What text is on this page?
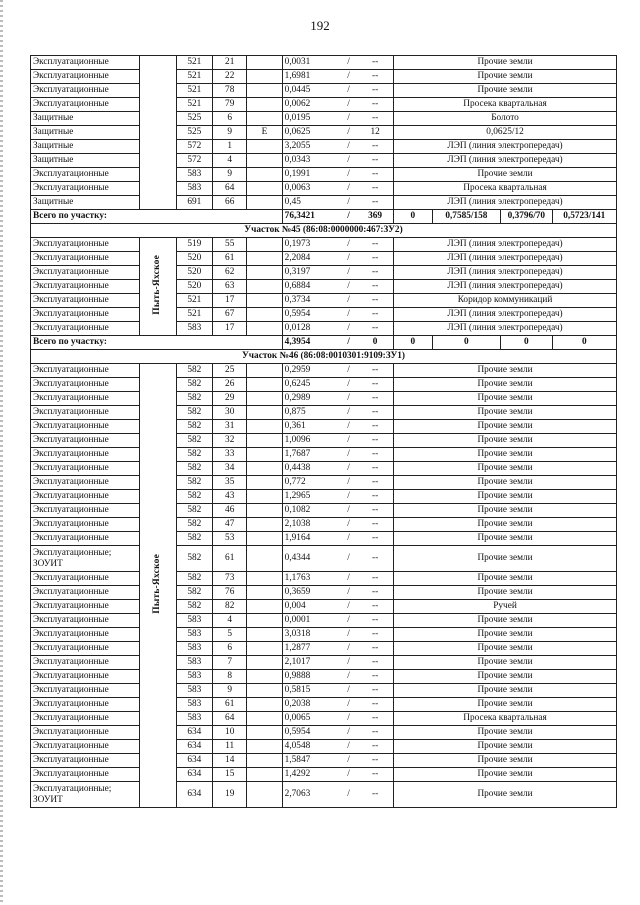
192
Эксплуатационные		521	21		0,0031	/	--	Прочие земли			
Эксплуатационные		521	22		1,6981	/	--	Прочие земли			
Эксплуатационные		521	78		0,0445	/	--	Прочие земли			
Эксплуатационные		521	79		0,0062	/	--	Просека квартальная			
Защитные		525	6		0,0195	/	--	Болото			
Защитные		525	9	Е	0,0625	/	12	0,0625/12			
Защитные		572	1		3,2055	/	--	ЛЭП (линия электропередач)			
Защитные		572	4		0,0343	/	--	ЛЭП (линия электропередач)			
Эксплуатационные		583	9		0,1991	/	--	Прочие земли			
Эксплуатационные		583	64		0,0063	/	--	Просека квартальная			
Защитные		691	66		0,45	/	--	ЛЭП (линия электропередач)			
Всего по участку:					76,3421	/	369	0	0,7585/158	0,3796/70	0,5723/141
Участок №45 (86:08:0000000:467:ЗУ2)											
Эксплуатационные	Пыть-Яхское	519	55		0,1973	/	--	ЛЭП (линия электропередач)			
Эксплуатационные		520	61		2,2084	/	--	ЛЭП (линия электропередач)			
Эксплуатационные		520	62		0,3197	/	--	ЛЭП (линия электропередач)			
Эксплуатационные		520	63		0,6884	/	--	ЛЭП (линия электропередач)			
Эксплуатационные		521	17		0,3734	/	--	Коридор коммуникаций			
Эксплуатационные		521	67		0,5954	/	--	ЛЭП (линия электропередач)			
Эксплуатационные		583	17		0,0128	/	--	ЛЭП (линия электропередач)			
Всего по участку:					4,3954	/	0	0	0	0	0
Участок №46 (86:08:0010301:9109:ЗУ1)											
Эксплуатационные	Пыть-Яхское	582	25		0,2959	/	--	Прочие земли			
Эксплуатационные		582	26		0,6245	/	--	Прочие земли			
Эксплуатационные		582	29		0,2989	/	--	Прочие земли			
Эксплуатационные		582	30		0,875	/	--	Прочие земли			
Эксплуатационные		582	31		0,361	/	--	Прочие земли			
Эксплуатационные		582	32		1,0096	/	--	Прочие земли			
Эксплуатационные		582	33		1,7687	/	--	Прочие земли			
Эксплуатационные		582	34		0,4438	/	--	Прочие земли			
Эксплуатационные		582	35		0,772	/	--	Прочие земли			
Эксплуатационные		582	43		1,2965	/	--	Прочие земли			
Эксплуатационные		582	46		0,1082	/	--	Прочие земли			
Эксплуатационные		582	47		2,1038	/	--	Прочие земли			
Эксплуатационные		582	53		1,9164	/	--	Прочие земли			
Эксплуатационные; ЗОУИТ		582	61		0,4344	/	--	Прочие земли			
Эксплуатационные		582	73		1,1763	/	--	Прочие земли			
Эксплуатационные		582	76		0,3659	/	--	Прочие земли			
Эксплуатационные		582	82		0,004	/	--	Ручей			
Эксплуатационные		583	4		0,0001	/	--	Прочие земли			
Эксплуатационные		583	5		3,0318	/	--	Прочие земли			
Эксплуатационные		583	6		1,2877	/	--	Прочие земли			
Эксплуатационные		583	7		2,1017	/	--	Прочие земли			
Эксплуатационные		583	8		0,9888	/	--	Прочие земли			
Эксплуатационные		583	9		0,5815	/	--	Прочие земли			
Эксплуатационные		583	61		0,2038	/	--	Прочие земли			
Эксплуатационные		583	64		0,0065	/	--	Просека квартальная			
Эксплуатационные		634	10		0,5954	/	--	Прочие земли			
Эксплуатационные		634	11		4,0548	/	--	Прочие земли			
Эксплуатационные		634	14		1,5847	/	--	Прочие земли			
Эксплуатационные		634	15		1,4292	/	--	Прочие земли			
Эксплуатационные; ЗОУИТ		634	19		2,7063	/	--	Прочие земли			
